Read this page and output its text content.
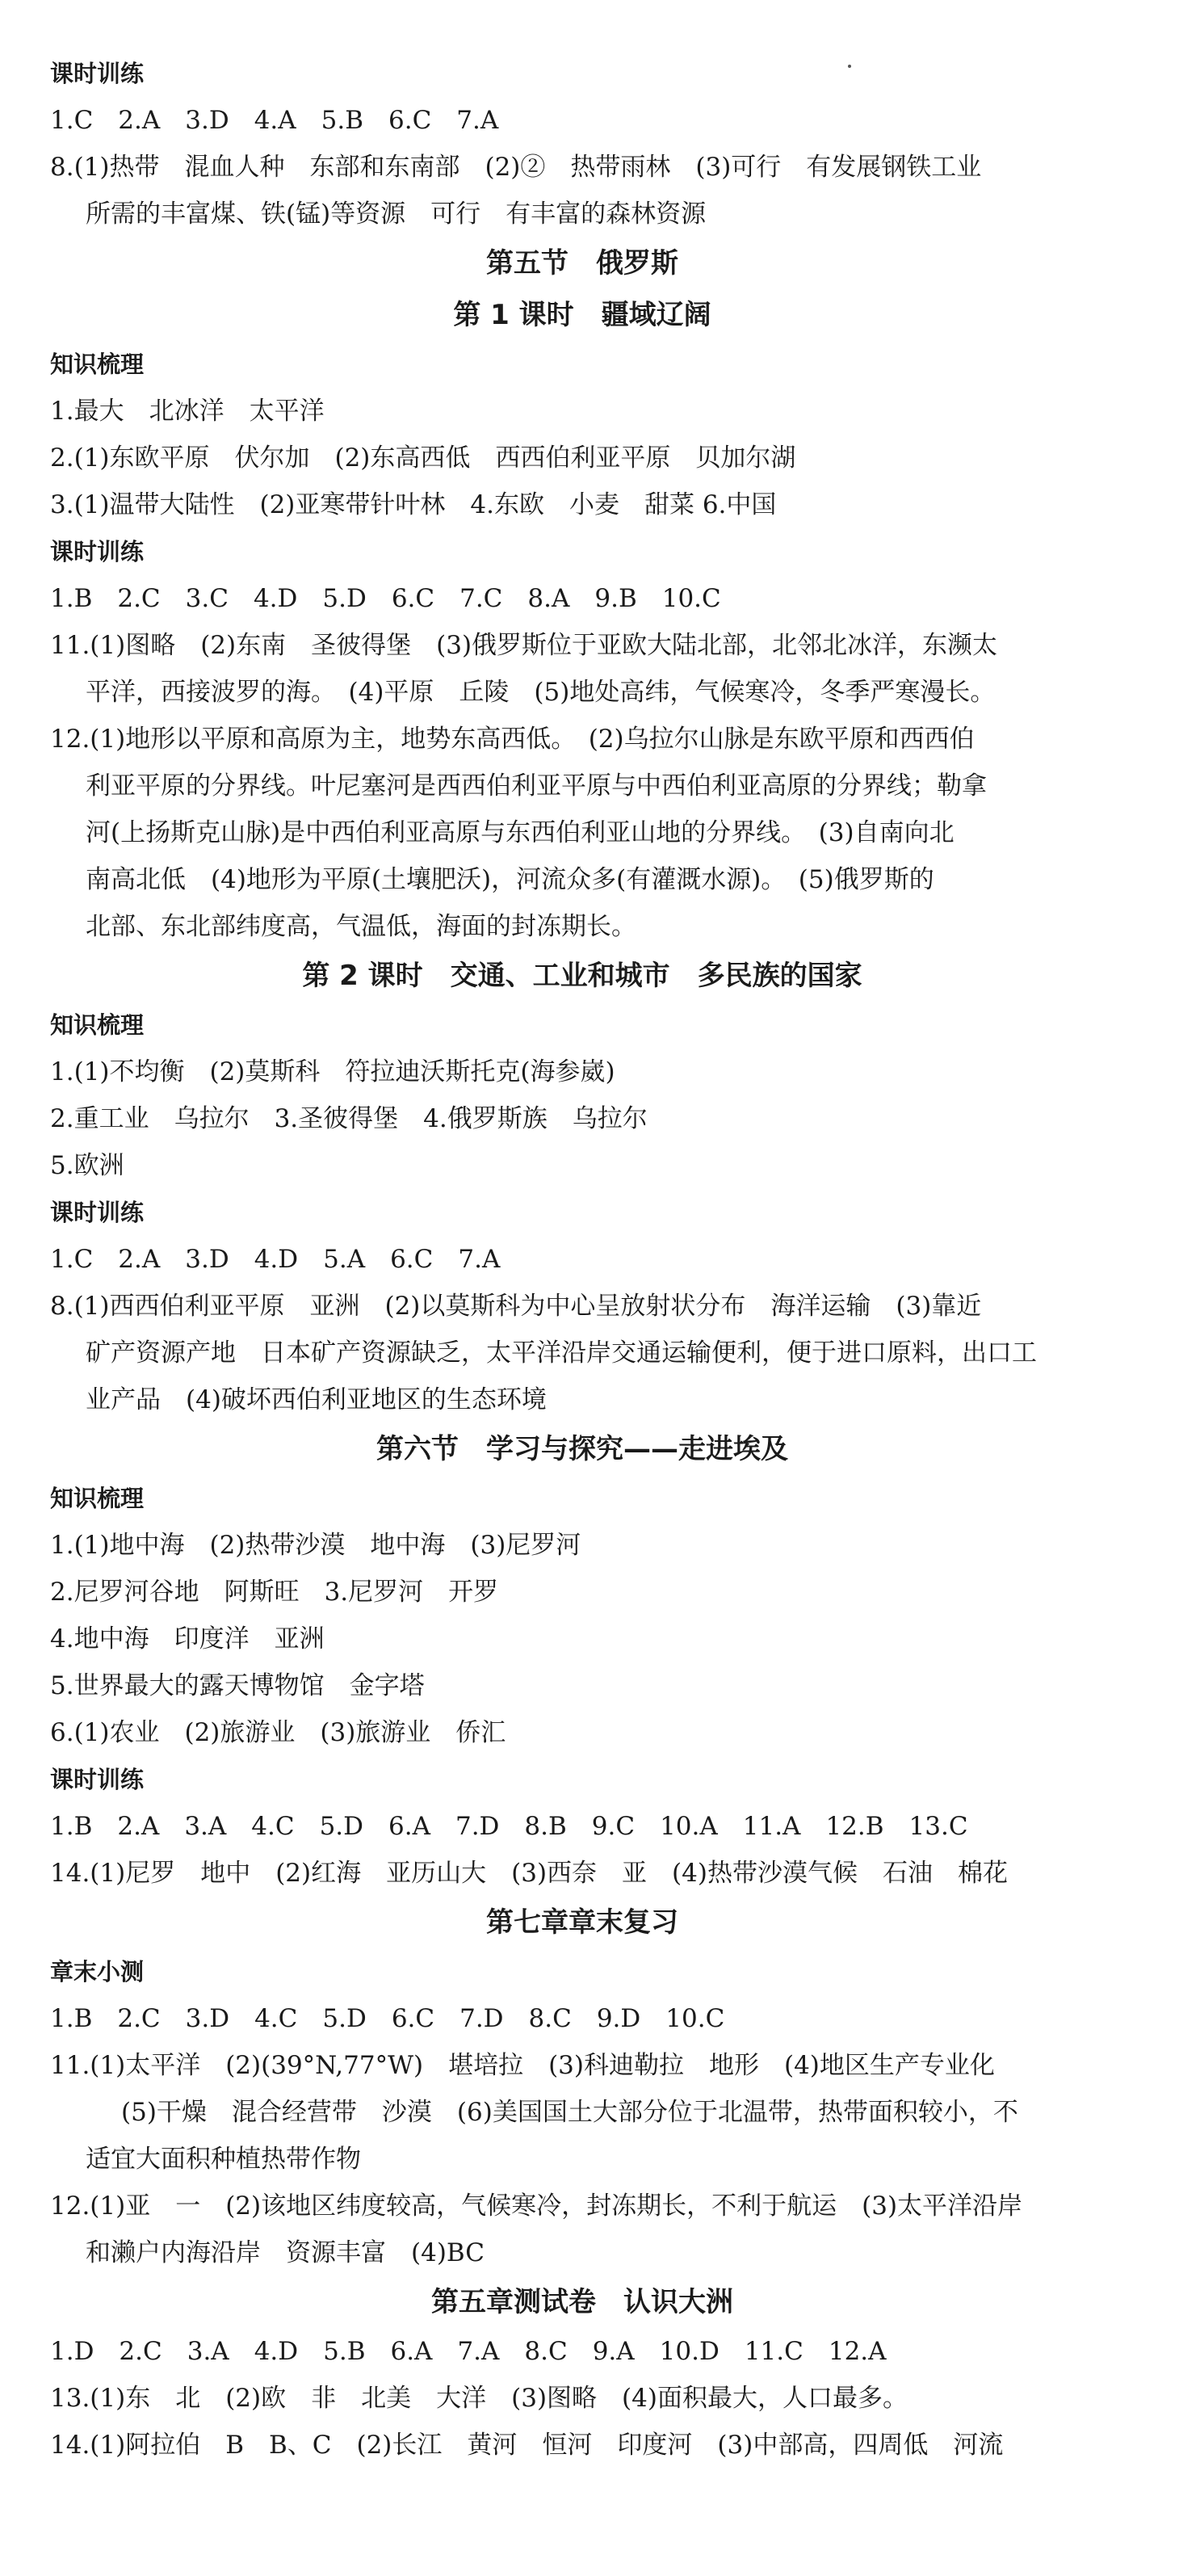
课时训练
1.C　2.A　3.D　4.A　5.B　6.C　7.A
8.(1)热带　混血人种　东部和东南部　(2)②　热带雨林　(3)可行　有发展钢铁工业
所需的丰富煤、铁(锰)等资源　可行　有丰富的森林资源
第五节　俄罗斯
第 1 课时　疆域辽阔
知识梳理
1.最大　北冰洋　太平洋
2.(1)东欧平原　伏尔加　(2)东高西低　西西伯利亚平原　贝加尔湖
3.(1)温带大陆性　(2)亚寒带针叶林　4.东欧　小麦　甜菜 6.中国
课时训练
1.B　2.C　3.C　4.D　5.D　6.C　7.C　8.A　9.B　10.C
11.(1)图略　(2)东南　圣彼得堡　(3)俄罗斯位于亚欧大陆北部，北邻北冰洋，东濒太
平洋，西接波罗的海。　(4)平原　丘陵　(5)地处高纬，气候寒冷，冬季严寒漫长。
12.(1)地形以平原和高原为主，地势东高西低。　(2)乌拉尔山脉是东欧平原和西西伯
利亚平原的分界线。叶尼塞河是西西伯利亚平原与中西伯利亚高原的分界线；勒拿
河(上扬斯克山脉)是中西伯利亚高原与东西伯利亚山地的分界线。　(3)自南向北
南高北低　(4)地形为平原(土壤肥沃)，河流众多(有灌溉水源)。　(5)俄罗斯的
北部、东北部纬度高，气温低，海面的封冻期长。
第 2 课时　交通、工业和城市　多民族的国家
知识梳理
1.(1)不均衡　(2)莫斯科　符拉迪沃斯托克(海参崴)
2.重工业　乌拉尔　3.圣彼得堡　4.俄罗斯族　乌拉尔
5.欧洲
课时训练
1.C　2.A　3.D　4.D　5.A　6.C　7.A
8.(1)西西伯利亚平原　亚洲　(2)以莫斯科为中心呈放射状分布　海洋运输　(3)靠近
矿产资源产地　日本矿产资源缺乏，太平洋沿岸交通运输便利，便于进口原料，出口工
业产品　(4)破坏西伯利亚地区的生态环境
第六节　学习与探究——走进埃及
知识梳理
1.(1)地中海　(2)热带沙漠　地中海　(3)尼罗河
2.尼罗河谷地　阿斯旺　3.尼罗河　开罗
4.地中海　印度洋　亚洲
5.世界最大的露天博物馆　金字塔
6.(1)农业　(2)旅游业　(3)旅游业　侨汇
课时训练
1.B　2.A　3.A　4.C　5.D　6.A　7.D　8.B　9.C　10.A　11.A　12.B　13.C
14.(1)尼罗　地中　(2)红海　亚历山大　(3)西奈　亚　(4)热带沙漠气候　石油　棉花
第七章章末复习
章末小测
1.B　2.C　3.D　4.C　5.D　6.C　7.D　8.C　9.D　10.C
11.(1)太平洋　(2)(39°N,77°W)　堪培拉　(3)科迪勒拉　地形　(4)地区生产专业化
(5)干燥　混合经营带　沙漠　(6)美国国土大部分位于北温带，热带面积较小，不
适宜大面积种植热带作物
12.(1)亚　一　(2)该地区纬度较高，气候寒冷，封冻期长，不利于航运　(3)太平洋沿岸
和濑户内海沿岸　资源丰富　(4)BC
第五章测试卷　认识大洲
1.D　2.C　3.A　4.D　5.B　6.A　7.A　8.C　9.A　10.D　11.C　12.A
13.(1)东　北　(2)欧　非　北美　大洋　(3)图略　(4)面积最大，人口最多。
14.(1)阿拉伯　B　B、C　(2)长江　黄河　恒河　印度河　(3)中部高，四周低　河流
